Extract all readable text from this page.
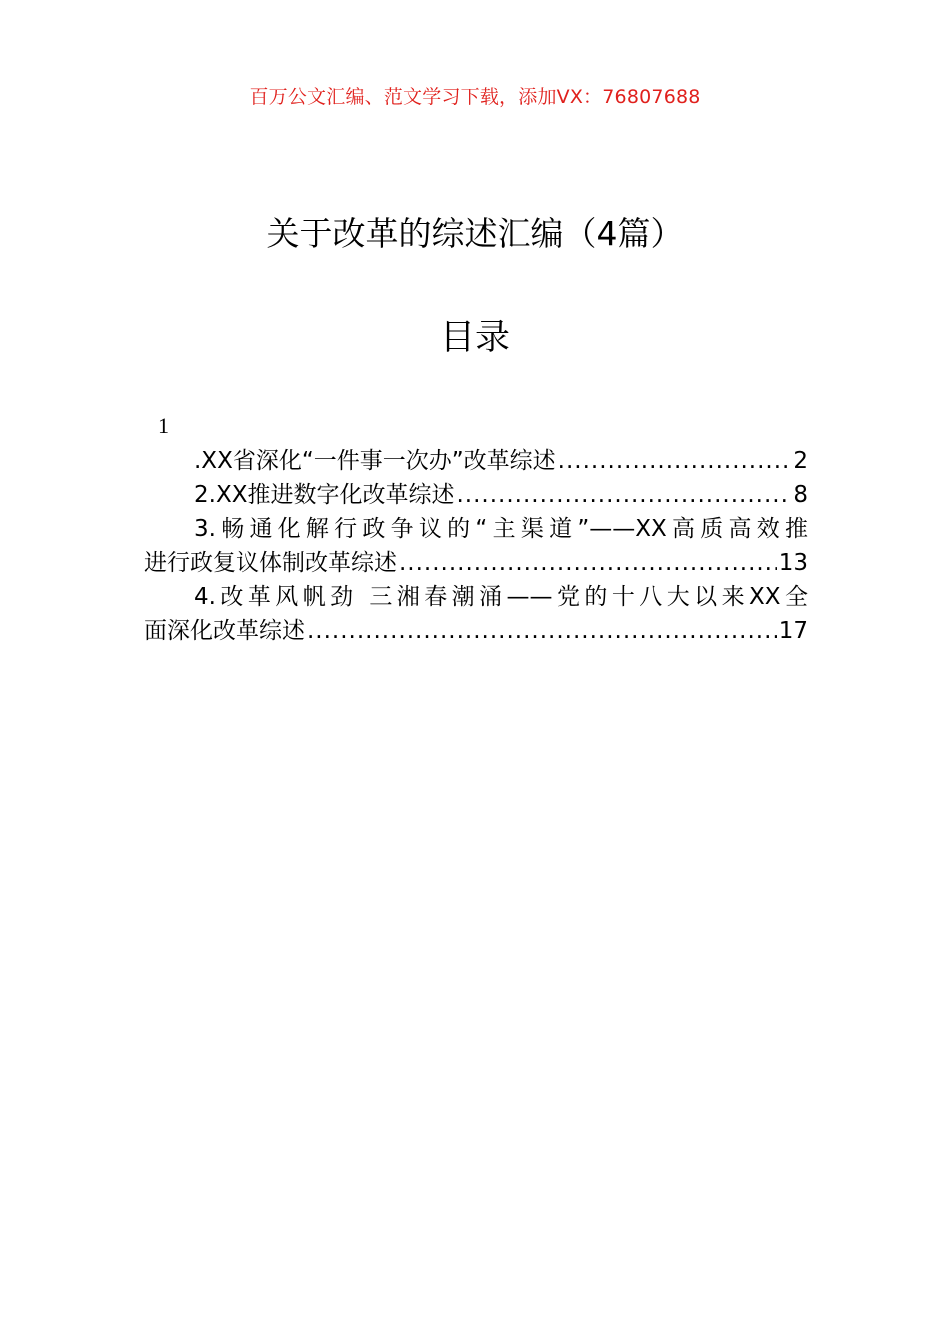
百万公文汇编、范文学习下载，添加VX：76807688
关于改革的综述汇编（4篇）
目录
1
.XX省深化“一件事一次办”改革综述 .....	2
2.XX推进数字化改革综述 .....	8
3.畅通化解行政争议的“主渠道”——XX高质高效推
进行政复议体制改革综述 .....	13
4.改革风帆劲 三湘春潮涌——党的十八大以来XX全
面深化改革综述 .....	17
